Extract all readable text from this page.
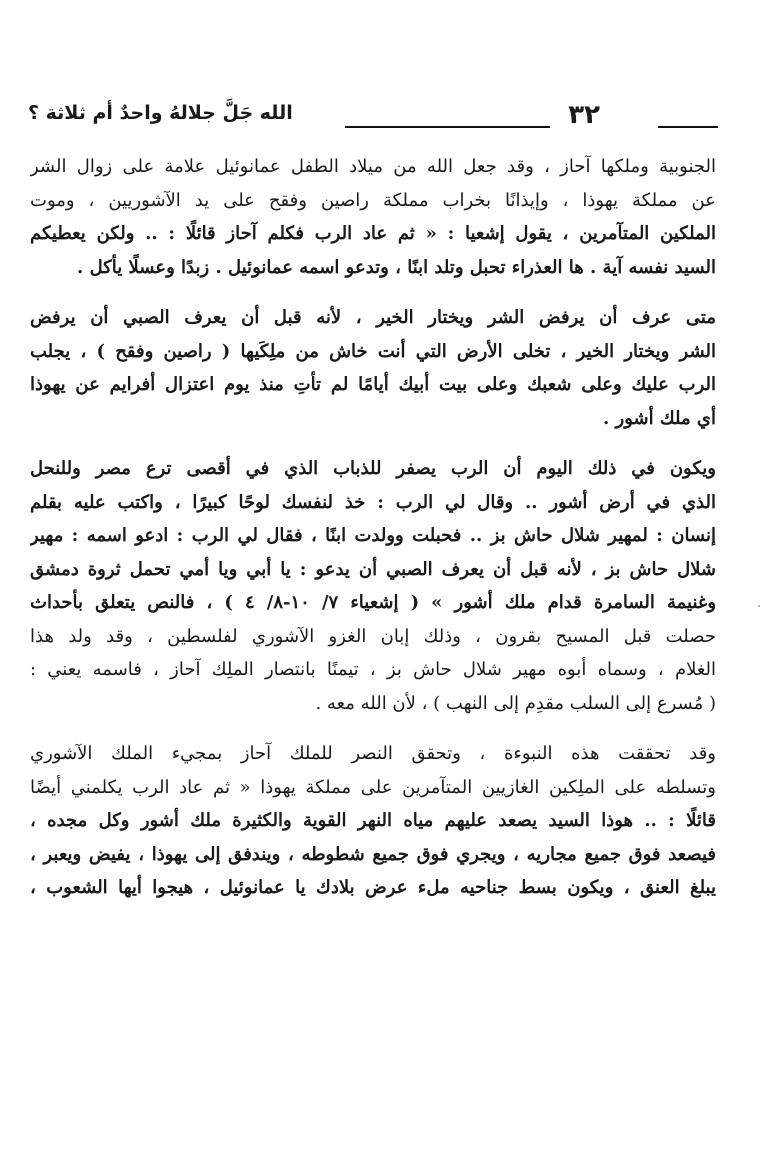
٣٢
الله جَلَّ جلالهُ واحدٌ أم ثلاثة ؟

الجنوبية وملكها آحاز ، وقد جعل الله من ميلاد الطفل عمانوئيل علامة على زوال الشر
عن مملكة يهوذا ، وإيذانًا بخراب مملكة راصين وفقح على يد الآشوريين ، وموت
الملكين المتآمرين ، يقول إشعيا : « ثم عاد الرب فكلم آحاز قائلًا : .. ولكن يعطيكم
السيد نفسه آية . ها العذراء تحبل وتلد ابنًا ، وتدعو اسمه عمانوئيل . زبدًا وعسلًا يأكل .

متى عرف أن يرفض الشر ويختار الخير ، لأنه قبل أن يعرف الصبي أن يرفض
الشر ويختار الخير ، تخلى الأرض التي أنت خاش من ملِكَيها ( راصين وفقح ) ، يجلب
الرب عليك وعلى شعبك وعلى بيت أبيك أيامًا لم تأتِ منذ يوم اعتزال أفرايم عن يهوذا
أي ملك أشور .

ويكون في ذلك اليوم أن الرب يصفر للذباب الذي في أقصى ترع مصر وللنحل
الذي في أرض أشور .. وقال لي الرب : خذ لنفسك لوحًا كبيرًا ، واكتب عليه بقلم
إنسان : لمهير شلال حاش بز .. فحبلت وولدت ابنًا ، فقال لي الرب : ادعو اسمه : مهير
شلال حاش بز ، لأنه قبل أن يعرف الصبي أن يدعو : يا أبي ويا أمي تحمل ثروة دمشق
وغنيمة السامرة قدام ملك أشور » ( إشعياء ٧/ ١٠-٨/ ٤ ) ، فالنص يتعلق بأحداث
حصلت قبل المسيح بقرون ، وذلك إبان الغزو الآشوري لفلسطين ، وقد ولد هذا
الغلام ، وسماه أبوه مهير شلال حاش بز ، تيمنًا بانتصار الملِك آحاز ، فاسمه يعني :
( مُسرع إلى السلب مقدِم إلى النهب ) ، لأن الله معه .

وقد تحققت هذه النبوءة ، وتحقق النصر للملك آحاز بمجيء الملك الآشوري
وتسلطه على الملِكين الغازيين المتآمرين على مملكة يهوذا « ثم عاد الرب يكلمني أيضًا
قائلًا : .. هوذا السيد يصعد عليهم مياه النهر القوية والكثيرة ملك أشور وكل مجده ،
فيصعد فوق جميع مجاريه ، ويجري فوق جميع شطوطه ، ويندفق إلى يهوذا ، يفيض ويعبر ،
يبلغ العنق ، ويكون بسط جناحيه ملء عرض بلادك يا عمانوئيل ، هيجوا أيها الشعوب ،
